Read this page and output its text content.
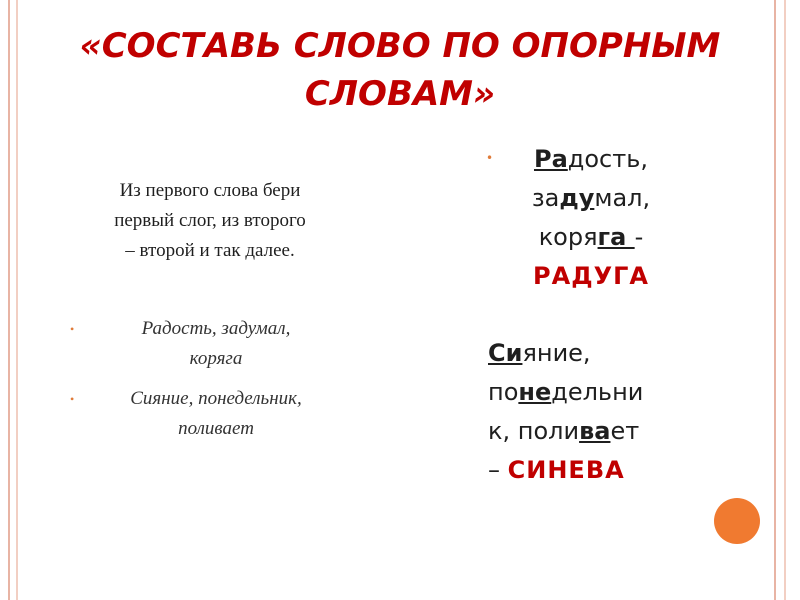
«СОСТАВЬ СЛОВО ПО ОПОРНЫМ
СЛОВАМ»
Из первого слова бери
первый слог, из второго
– второй и так далее.
•	Радость, задумал,
коряга
•	Сияние, понедельник,
поливает
•	Радость,
задумал,
коряга -
РАДУГА
Сияние,
понедельни
к, поливает
– СИНЕВА
